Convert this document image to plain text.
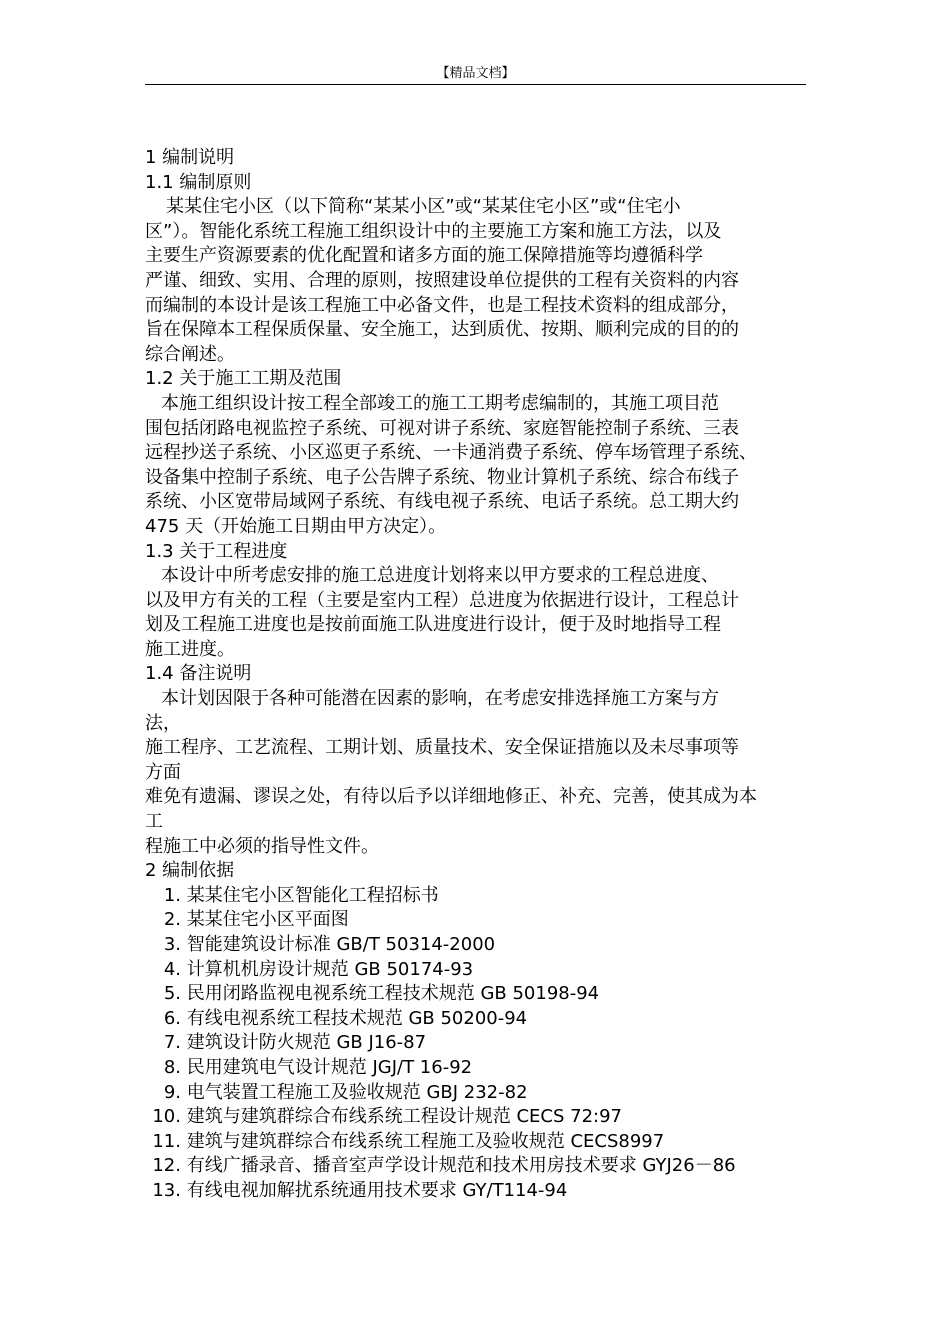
【精品文档】
1 编制说明
1.1 编制原则
某某住宅小区（以下简称“某某小区”或“某某住宅小区”或“住宅小
区”）。智能化系统工程施工组织设计中的主要施工方案和施工方法，以及
主要生产资源要素的优化配置和诸多方面的施工保障措施等均遵循科学
严谨、细致、实用、合理的原则，按照建设单位提供的工程有关资料的内容
而编制的本设计是该工程施工中必备文件，也是工程技术资料的组成部分，
旨在保障本工程保质保量、安全施工，达到质优、按期、顺利完成的目的的
综合阐述。
1.2 关于施工工期及范围
本施工组织设计按工程全部竣工的施工工期考虑编制的，其施工项目范
围包括闭路电视监控子系统、可视对讲子系统、家庭智能控制子系统、三表
远程抄送子系统、小区巡更子系统、一卡通消费子系统、停车场管理子系统、
设备集中控制子系统、电子公告牌子系统、物业计算机子系统、综合布线子
系统、小区宽带局域网子系统、有线电视子系统、电话子系统。总工期大约
475 天（开始施工日期由甲方决定）。
1.3 关于工程进度
本设计中所考虑安排的施工总进度计划将来以甲方要求的工程总进度、
以及甲方有关的工程（主要是室内工程）总进度为依据进行设计，工程总计
划及工程施工进度也是按前面施工队进度进行设计，便于及时地指导工程
施工进度。
1.4 备注说明
本计划因限于各种可能潜在因素的影响，在考虑安排选择施工方案与方
法，
施工程序、工艺流程、工期计划、质量技术、安全保证措施以及未尽事项等
方面
难免有遗漏、谬误之处，有待以后予以详细地修正、补充、完善，使其成为本
工
程施工中必须的指导性文件。
2 编制依据
1.
某某住宅小区智能化工程招标书
2.
某某住宅小区平面图
3.
智能建筑设计标准 GB/T 50314-2000
4.
计算机机房设计规范 GB 50174-93
5.
民用闭路监视电视系统工程技术规范 GB 50198-94
6.
有线电视系统工程技术规范 GB 50200-94
7.
建筑设计防火规范 GB J16-87
8.
民用建筑电气设计规范 JGJ/T 16-92
9.
电气装置工程施工及验收规范 GBJ 232-82
10.
建筑与建筑群综合布线系统工程设计规范 CECS 72:97
11.
建筑与建筑群综合布线系统工程施工及验收规范 CECS8997
12.
有线广播录音、播音室声学设计规范和技术用房技术要求 GYJ26－86
13.
有线电视加解扰系统通用技术要求 GY/T114-94
